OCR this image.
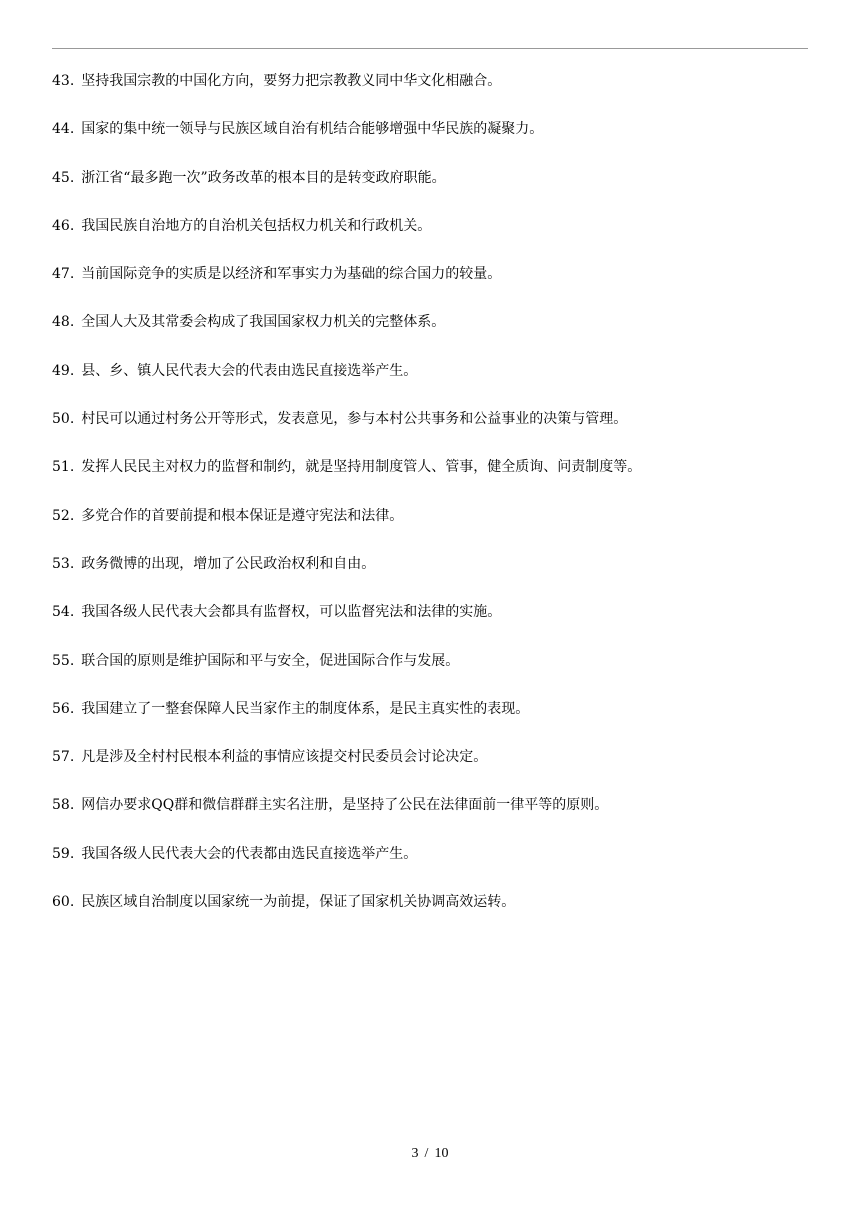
43 . 坚持我国宗教的中国化方向，要努力把宗教教义同中华文化相融合。
44 . 国家的集中统一领导与民族区域自治有机结合能够增强中华民族的凝聚力。
45 . 浙江省“最多跑一次”政务改革的根本目的是转变政府职能。
46 . 我国民族自治地方的自治机关包括权力机关和行政机关。
47 . 当前国际竞争的实质是以经济和军事实力为基础的综合国力的较量。
48 . 全国人大及其常委会构成了我国国家权力机关的完整体系。
49 . 县、乡、镇人民代表大会的代表由选民直接选举产生。
50 . 村民可以通过村务公开等形式，发表意见，参与本村公共事务和公益事业的决策与管理。
51 . 发挥人民民主对权力的监督和制约，就是坚持用制度管人、管事，健全质询、问责制度等。
52 . 多党合作的首要前提和根本保证是遵守宪法和法律。
53 . 政务微博的出现，增加了公民政治权利和自由。
54 . 我国各级人民代表大会都具有监督权，可以监督宪法和法律的实施。
55 . 联合国的原则是维护国际和平与安全，促进国际合作与发展。
56 . 我国建立了一整套保障人民当家作主的制度体系，是民主真实性的表现。
57 . 凡是涉及全村村民根本利益的事情应该提交村民委员会讨论决定。
58 . 网信办要求QQ群和微信群群主实名注册，是坚持了公民在法律面前一律平等的原则。
59 . 我国各级人民代表大会的代表都由选民直接选举产生。
60 . 民族区域自治制度以国家统一为前提，保证了国家机关协调高效运转。
3 / 10
